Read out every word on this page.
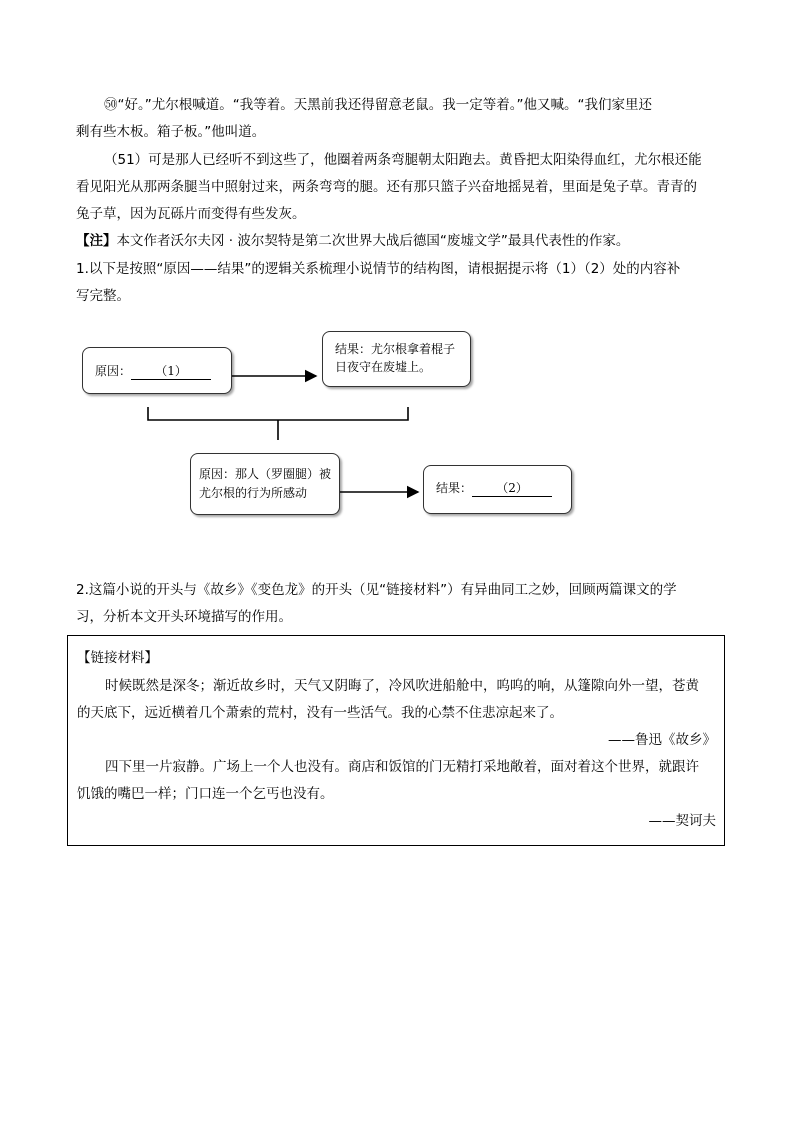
㊿“好。”尤尔根喊道。“我等着。天黑前我还得留意老鼠。我一定等着。”他又喊。“我们家里还
剩有些木板。箱子板。”他叫道。
（51）可是那人已经听不到这些了，他圈着两条弯腿朝太阳跑去。黄昏把太阳染得血红，尤尔根还能
看见阳光从那两条腿当中照射过来，两条弯弯的腿。还有那只篮子兴奋地摇晃着，里面是兔子草。青青的
兔子草，因为瓦砾片而变得有些发灰。
【注】本文作者沃尔夫冈 · 波尔契特是第二次世界大战后德国“废墟文学”最具代表性的作家。
1.以下是按照“原因——结果”的逻辑关系梳理小说情节的结构图，请根据提示将（1）（2）处的内容补
写完整。
原因： （1）
结果：尤尔根拿着棍子
日夜守在废墟上。
原因：那人（罗圈腿）被
尤尔根的行为所感动	结果： （2）
2.这篇小说的开头与《故乡》《变色龙》的开头（见“链接材料”）有异曲同工之妙，回顾两篇课文的学
习，分析本文开头环境描写的作用。
【链接材料】
时候既然是深冬；渐近故乡时，天气又阴晦了，冷风吹进船舱中，呜呜的响，从篷隙向外一望，苍黄
的天底下，远近横着几个萧索的荒村，没有一些活气。我的心禁不住悲凉起来了。
——鲁迅《故乡》
四下里一片寂静。广场上一个人也没有。商店和饭馆的门无精打采地敞着，面对着这个世界，就跟许
饥饿的嘴巴一样；门口连一个乞丐也没有。
——契诃夫
